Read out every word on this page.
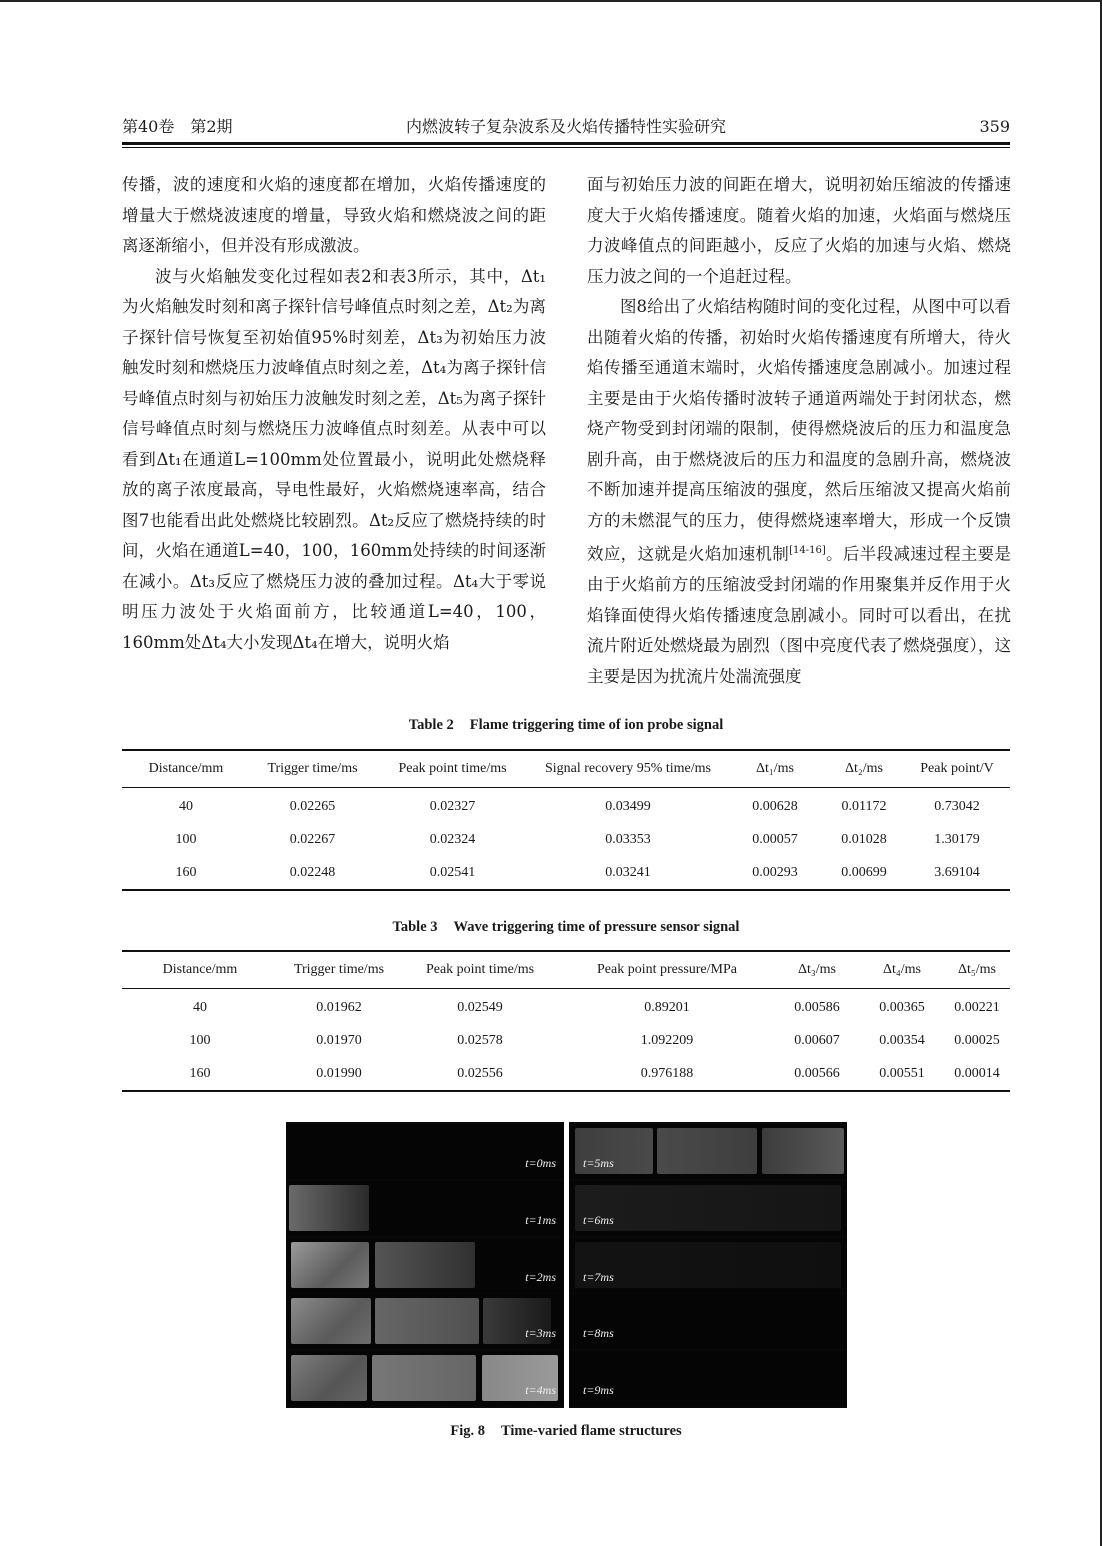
第40卷　第2期	内燃波转子复杂波系及火焰传播特性实验研究	359

传播，波的速度和火焰的速度都在增加，火焰传播速度的增量大于燃烧波速度的增量，导致火焰和燃烧波之间的距离逐渐缩小，但并没有形成激波。

波与火焰触发变化过程如表2和表3所示，其中，Δt₁为火焰触发时刻和离子探针信号峰值点时刻之差，Δt₂为离子探针信号恢复至初始值95%时刻差，Δt₃为初始压力波触发时刻和燃烧压力波峰值点时刻之差，Δt₄为离子探针信号峰值点时刻与初始压力波触发时刻之差，Δt₅为离子探针信号峰值点时刻与燃烧压力波峰值点时刻差。从表中可以看到Δt₁在通道L=100mm处位置最小，说明此处燃烧释放的离子浓度最高，导电性最好，火焰燃烧速率高，结合图7也能看出此处燃烧比较剧烈。Δt₂反应了燃烧持续的时间，火焰在通道L=40，100，160mm处持续的时间逐渐在减小。Δt₃反应了燃烧压力波的叠加过程。Δt₄大于零说明压力波处于火焰面前方，比较通道L=40，100，160mm处Δt₄大小发现Δt₄在增大，说明火焰

面与初始压力波的间距在增大，说明初始压缩波的传播速度大于火焰传播速度。随着火焰的加速，火焰面与燃烧压力波峰值点的间距越小，反应了火焰的加速与火焰、燃烧压力波之间的一个追赶过程。

图8给出了火焰结构随时间的变化过程，从图中可以看出随着火焰的传播，初始时火焰传播速度有所增大，待火焰传播至通道末端时，火焰传播速度急剧减小。加速过程主要是由于火焰传播时波转子通道两端处于封闭状态，燃烧产物受到封闭端的限制，使得燃烧波后的压力和温度急剧升高，由于燃烧波后的压力和温度的急剧升高，燃烧波不断加速并提高压缩波的强度，然后压缩波又提高火焰前方的未燃混气的压力，使得燃烧速率增大，形成一个反馈效应，这就是火焰加速机制[14-16]。后半段减速过程主要是由于火焰前方的压缩波受封闭端的作用聚集并反作用于火焰锋面使得火焰传播速度急剧减小。同时可以看出，在扰流片附近处燃烧最为剧烈（图中亮度代表了燃烧强度），这主要是因为扰流片处湍流强度

Table 2 Flame triggering time of ion probe signal
Distance/mm	Trigger time/ms	Peak point time/ms	Signal recovery 95% time/ms	Δt₁/ms	Δt₂/ms	Peak point/V
40	0.02265	0.02327	0.03499	0.00628	0.01172	0.73042
100	0.02267	0.02324	0.03353	0.00057	0.01028	1.30179
160	0.02248	0.02541	0.03241	0.00293	0.00699	3.69104
Table 3 Wave triggering time of pressure sensor signal
Distance/mm	Trigger time/ms	Peak point time/ms	Peak point pressure/MPa	Δt₃/ms	Δt₄/ms	Δt₅/ms
40	0.01962	0.02549	0.89201	0.00586	0.00365	0.00221
100	0.01970	0.02578	1.092209	0.00607	0.00354	0.00025
160	0.01990	0.02556	0.976188	0.00566	0.00551	0.00014
t=0ms
t=1ms
t=2ms
t=3ms
t=4ms
t=5ms
t=6ms
t=7ms
t=8ms
t=9ms
Fig. 8 Time-varied flame structures
